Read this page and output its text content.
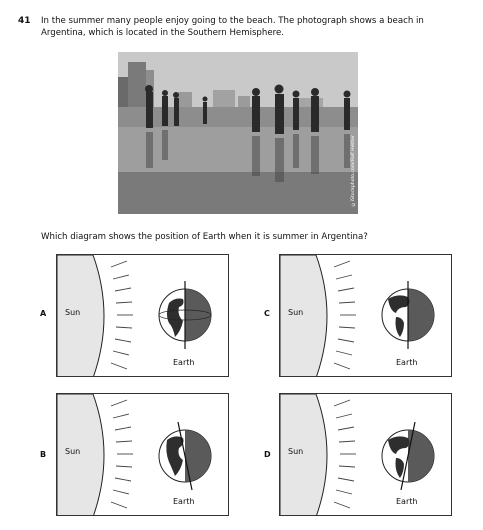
41 In the summer many people enjoy going to the beach. The photograph shows a beach in Argentina, which is located in the Southern Hemisphere.
©iStockphoto.com/Ralf Hettler
Which diagram shows the position of Earth when it is summer in Argentina?
A Sun
Earth
C Sun
Earth
B Sun
Earth
D Sun
Earth
